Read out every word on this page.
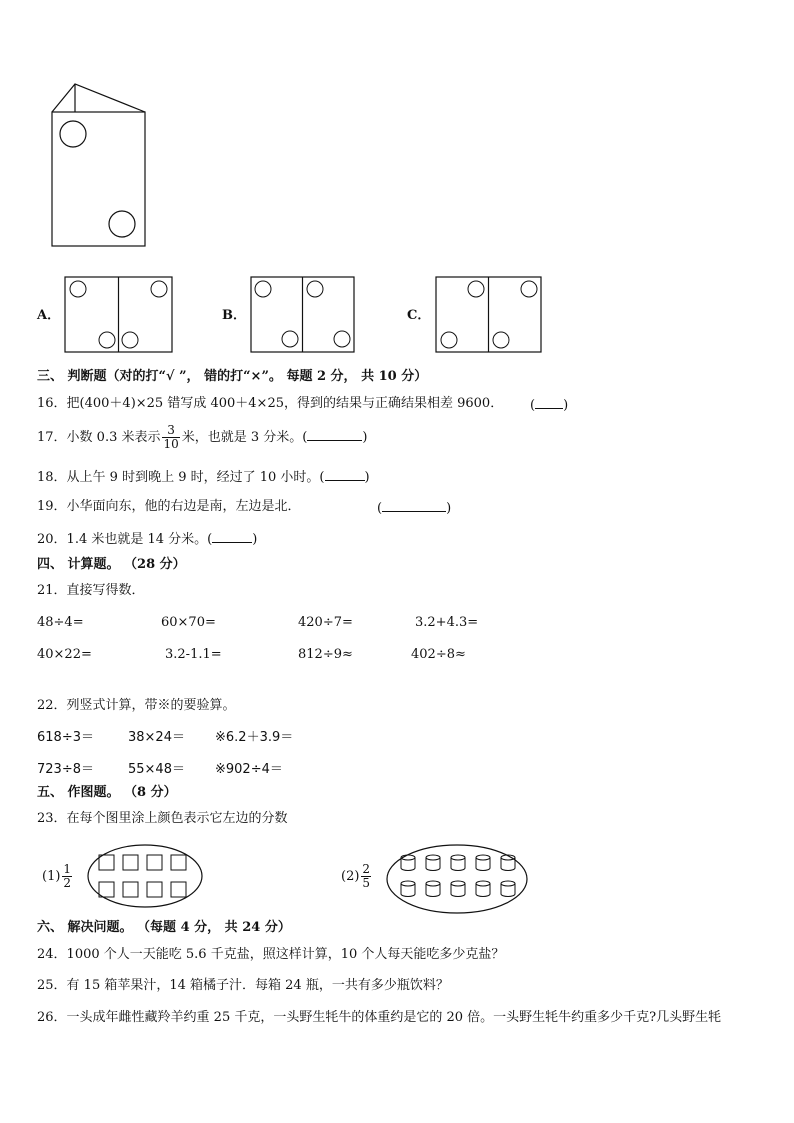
A．	B．	C．
三、 判断题（对的打“√ ”， 错的打“×”。 每题 2 分， 共 10 分）
16．把(400＋4)×25 错写成 400＋4×25，得到的结果与正确结果相差 9600． ( )
17．小数 0.3 米表示 $\frac{3}{10}$ 米，也就是 3 分米。(	)
18．从上午 9 时到晚上 9 时，经过了 10 小时。(	)
19．小华面向东，他的右边是南，左边是北．	(	)
20．1.4 米也就是 14 分米。(	)
四、 计算题。 （28 分）
21．直接写得数．
48÷4=	60×70=	420÷7=	3.2+4.3=
40×22=	3.2-1.1=	812÷9≈	402÷8≈
22．列竖式计算，带※的要验算。
618÷3＝	38×24＝ ※6.2＋3.9＝
723÷8＝	55×48＝ ※902÷4＝
五、 作图题。 （8 分）
23．在每个图里涂上颜色表示它左边的分数
$(1) \frac{1}{2}$	$(2) \frac{2}{5}$
六、 解决问题。 （每题 4 分， 共 24 分）
24．1000 个人一天能吃 5.6 千克盐，照这样计算，10 个人每天能吃多少克盐？
25．有 15 箱苹果汁，14 箱橘子汁．每箱 24 瓶，一共有多少瓶饮料？
26．一头成年雌性藏羚羊约重 25 千克，一头野生牦牛的体重约是它的 20 倍。一头野生牦牛约重多少千克?几头野生牦
